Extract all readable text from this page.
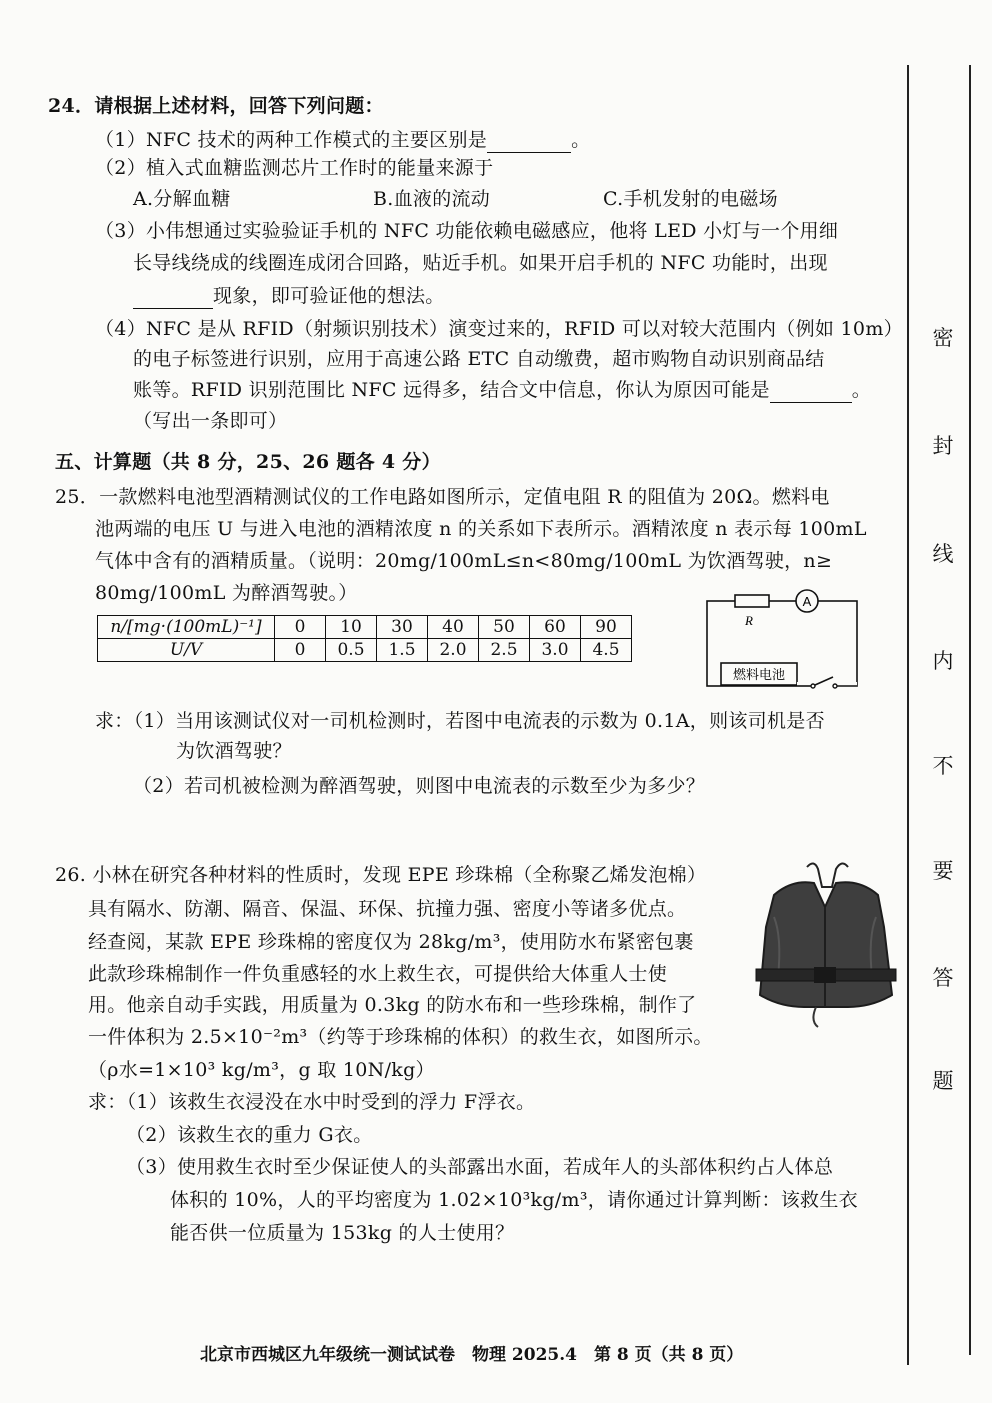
24．请根据上述材料，回答下列问题：
（1）NFC 技术的两种工作模式的主要区别是	。
（2）植入式血糖监测芯片工作时的能量来源于
A.分解血糖	B.血液的流动	C.手机发射的电磁场
（3）小伟想通过实验验证手机的 NFC 功能依赖电磁感应，他将 LED 小灯与一个用细
长导线绕成的线圈连成闭合回路，贴近手机。如果开启手机的 NFC 功能时，出现
现象，即可验证他的想法。
（4）NFC 是从 RFID（射频识别技术）演变过来的，RFID 可以对较大范围内（例如 10m）
的电子标签进行识别，应用于高速公路 ETC 自动缴费，超市购物自动识别商品结
账等。RFID 识别范围比 NFC 远得多，结合文中信息，你认为原因可能是	。
（写出一条即可）
五、计算题（共 8 分，25、26 题各 4 分）
25．一款燃料电池型酒精测试仪的工作电路如图所示，定值电阻 R 的阻值为 20Ω。燃料电
池两端的电压 U 与进入电池的酒精浓度 n 的关系如下表所示。酒精浓度 n 表示每 100mL
气体中含有的酒精质量。（说明：20mg/100mL≤n<80mg/100mL 为饮酒驾驶，n≥
80mg/100mL 为醉酒驾驶。）
n/[mg·(100mL)⁻¹]	0	10	30	40	50	60	90
U/V	0	0.5	1.5	2.0	2.5	3.0	4.5
A
R
燃料电池
求：（1）当用该测试仪对一司机检测时，若图中电流表的示数为 0.1A，则该司机是否
为饮酒驾驶？
（2）若司机被检测为醉酒驾驶，则图中电流表的示数至少为多少？
26. 小林在研究各种材料的性质时，发现 EPE 珍珠棉（全称聚乙烯发泡棉）
具有隔水、防潮、隔音、保温、环保、抗撞力强、密度小等诸多优点。
经查阅，某款 EPE 珍珠棉的密度仅为 28kg/m³，使用防水布紧密包裹
此款珍珠棉制作一件负重感轻的水上救生衣，可提供给大体重人士使
用。他亲自动手实践，用质量为 0.3kg 的防水布和一些珍珠棉，制作了
一件体积为 2.5×10⁻²m³（约等于珍珠棉的体积）的救生衣，如图所示。
（ρ水=1×10³ kg/m³，g 取 10N/kg）
求：（1）该救生衣浸没在水中时受到的浮力 F浮衣。
（2）该救生衣的重力 G衣。
（3）使用救生衣时至少保证使人的头部露出水面，若成年人的头部体积约占人体总
体积的 10%，人的平均密度为 1.02×10³kg/m³，请你通过计算判断：该救生衣
能否供一位质量为 153kg 的人士使用？
密
封
线
内
不
要
答
题
北京市西城区九年级统一测试试卷　物理 2025.4　第 8 页（共 8 页）
